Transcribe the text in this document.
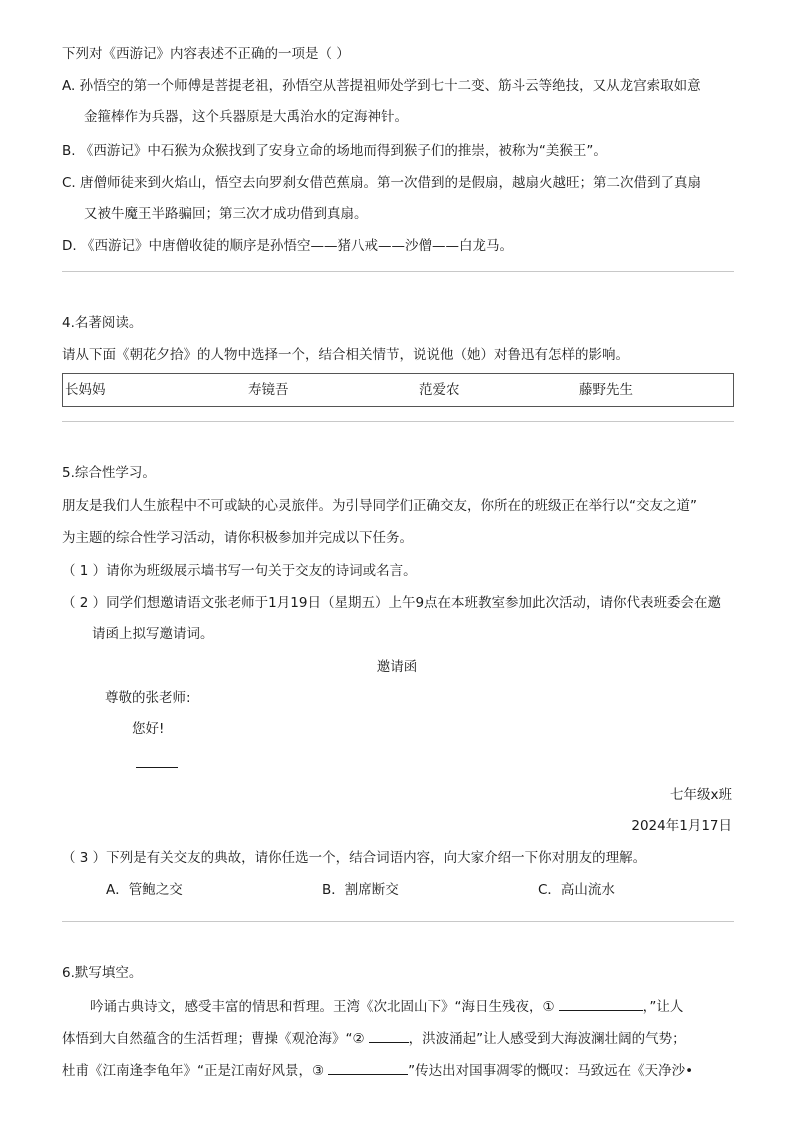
下列对《西游记》内容表述不正确的一项是（ ）
A. 孙悟空的第一个师傅是菩提老祖，孙悟空从菩提祖师处学到七十二变、筋斗云等绝技，又从龙宫索取如意
金箍棒作为兵器，这个兵器原是大禹治水的定海神针。
B. 《西游记》中石猴为众猴找到了安身立命的场地而得到猴子们的推崇，被称为“美猴王”。
C. 唐僧师徒来到火焰山，悟空去向罗刹女借芭蕉扇。第一次借到的是假扇，越扇火越旺；第二次借到了真扇
又被牛魔王半路骗回；第三次才成功借到真扇。
D. 《西游记》中唐僧收徒的顺序是孙悟空——猪八戒——沙僧——白龙马。
4.名著阅读。
请从下面《朝花夕拾》的人物中选择一个，结合相关情节，说说他（她）对鲁迅有怎样的影响。
长妈妈	寿镜吾	范爱农	藤野先生
5.综合性学习。
朋友是我们人生旅程中不可或缺的心灵旅伴。为引导同学们正确交友，你所在的班级正在举行以“交友之道”
为主题的综合性学习活动，请你积极参加并完成以下任务。
（ 1 ）请你为班级展示墙书写一句关于交友的诗词或名言。
（ 2 ）同学们想邀请语文张老师于1月19日（星期五）上午9点在本班教室参加此次活动，请你代表班委会在邀
请函上拟写邀请词。
邀请函
尊敬的张老师:
您好!
七年级x班
2024年1月17日
（ 3 ）下列是有关交友的典故，请你任选一个，结合词语内容，向大家介绍一下你对朋友的理解。
A．管鲍之交	B．割席断交	C．高山流水
6.默写填空。
吟诵古典诗文，感受丰富的情思和哲理。王湾《次北固山下》“海日生残夜，①	，”让人
体悟到大自然蕴含的生活哲理；曹操《观沧海》“②	，洪波涌起”让人感受到大海波澜壮阔的气势；
杜甫《江南逢李龟年》“正是江南好风景，③	”传达出对国事凋零的慨叹：马致远在《天净沙•
